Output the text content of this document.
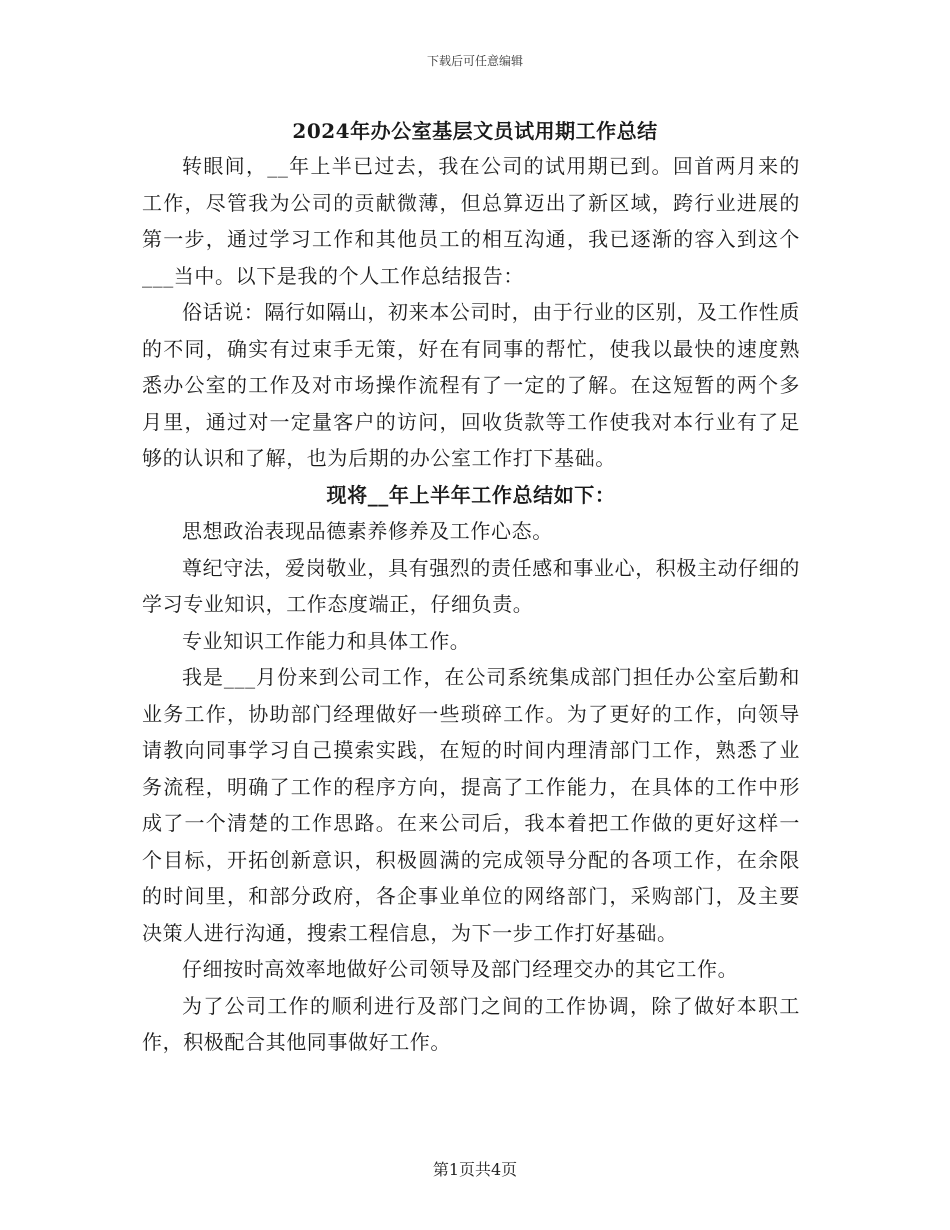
下载后可任意编辑
2024年办公室基层文员试用期工作总结

转眼间，__年上半已过去，我在公司的试用期已到。回首两月来的工作，尽管我为公司的贡献微薄，但总算迈出了新区域，跨行业进展的第一步，通过学习工作和其他员工的相互沟通，我已逐渐的容入到这个___当中。以下是我的个人工作总结报告：

俗话说：隔行如隔山，初来本公司时，由于行业的区别，及工作性质的不同，确实有过束手无策，好在有同事的帮忙，使我以最快的速度熟悉办公室的工作及对市场操作流程有了一定的了解。在这短暂的两个多月里，通过对一定量客户的访问，回收货款等工作使我对本行业有了足够的认识和了解，也为后期的办公室工作打下基础。

现将__年上半年工作总结如下：

思想政治表现品德素养修养及工作心态。

尊纪守法，爱岗敬业，具有强烈的责任感和事业心，积极主动仔细的学习专业知识，工作态度端正，仔细负责。

专业知识工作能力和具体工作。

我是___月份来到公司工作，在公司系统集成部门担任办公室后勤和业务工作，协助部门经理做好一些琐碎工作。为了更好的工作，向领导请教向同事学习自己摸索实践，在短的时间内理清部门工作，熟悉了业务流程，明确了工作的程序方向，提高了工作能力，在具体的工作中形成了一个清楚的工作思路。在来公司后，我本着把工作做的更好这样一个目标，开拓创新意识，积极圆满的完成领导分配的各项工作，在余限的时间里，和部分政府，各企事业单位的网络部门，采购部门，及主要决策人进行沟通，搜索工程信息，为下一步工作打好基础。

仔细按时高效率地做好公司领导及部门经理交办的其它工作。

为了公司工作的顺利进行及部门之间的工作协调，除了做好本职工作，积极配合其他同事做好工作。

第1页共4页
